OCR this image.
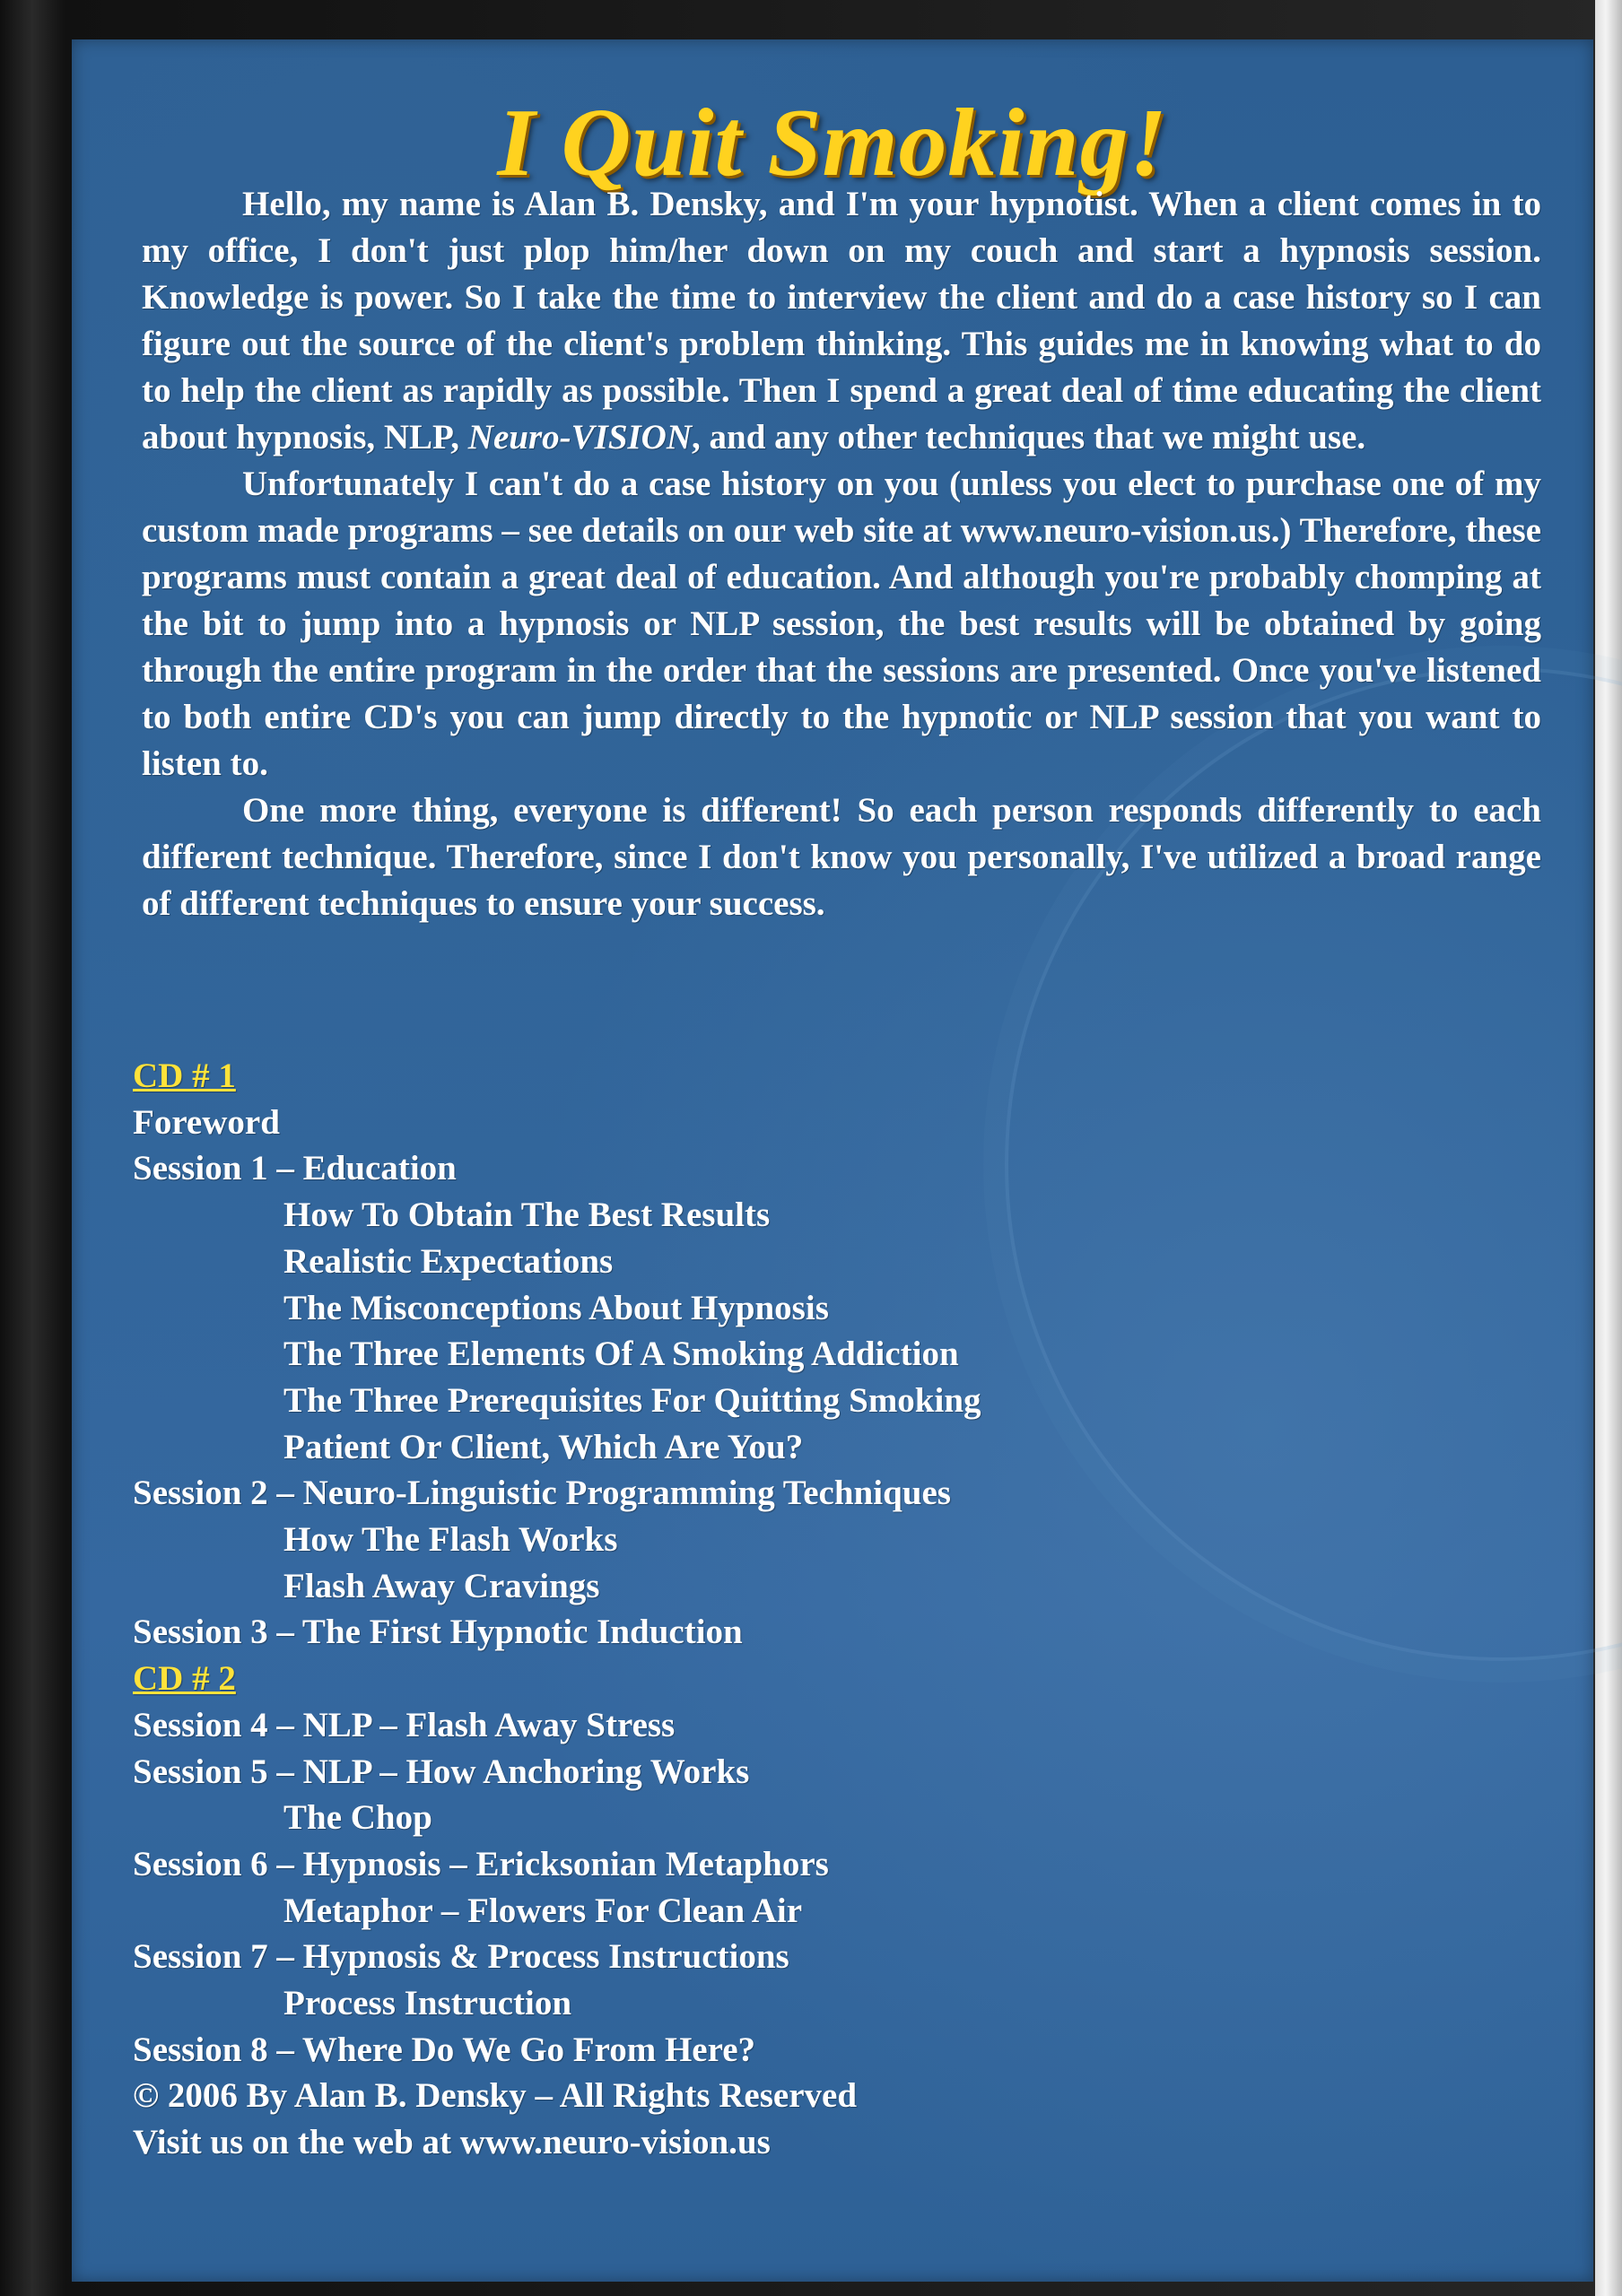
I Quit Smoking!

Hello, my name is Alan B. Densky, and I'm your hypnotist. When a client comes in to my office, I don't just plop him/her down on my couch and start a hypnosis session. Knowledge is power. So I take the time to interview the client and do a case history so I can figure out the source of the client's problem thinking. This guides me in knowing what to do to help the client as rapidly as possible. Then I spend a great deal of time educating the client about hypnosis, NLP, Neuro-VISION, and any other techniques that we might use.

Unfortunately I can't do a case history on you (unless you elect to purchase one of my custom made programs – see details on our web site at www.neuro-vision.us.) Therefore, these programs must contain a great deal of education. And although you're probably chomping at the bit to jump into a hypnosis or NLP session, the best results will be obtained by going through the entire program in the order that the sessions are presented. Once you've listened to both entire CD's you can jump directly to the hypnotic or NLP session that you want to listen to.

One more thing, everyone is different! So each person responds differently to each different technique. Therefore, since I don't know you personally, I've utilized a broad range of different techniques to ensure your success.

CD # 1
Foreword
Session 1 – Education
How To Obtain The Best Results
Realistic Expectations
The Misconceptions About Hypnosis
The Three Elements Of A Smoking Addiction
The Three Prerequisites For Quitting Smoking
Patient Or Client, Which Are You?
Session 2 – Neuro-Linguistic Programming Techniques
How The Flash Works
Flash Away Cravings
Session 3 – The First Hypnotic Induction
CD # 2
Session 4 – NLP – Flash Away Stress
Session 5 – NLP – How Anchoring Works
The Chop
Session 6 – Hypnosis – Ericksonian Metaphors
Metaphor – Flowers For Clean Air
Session 7 – Hypnosis & Process Instructions
Process Instruction
Session 8 – Where Do We Go From Here?
© 2006 By Alan B. Densky – All Rights Reserved
Visit us on the web at www.neuro-vision.us
